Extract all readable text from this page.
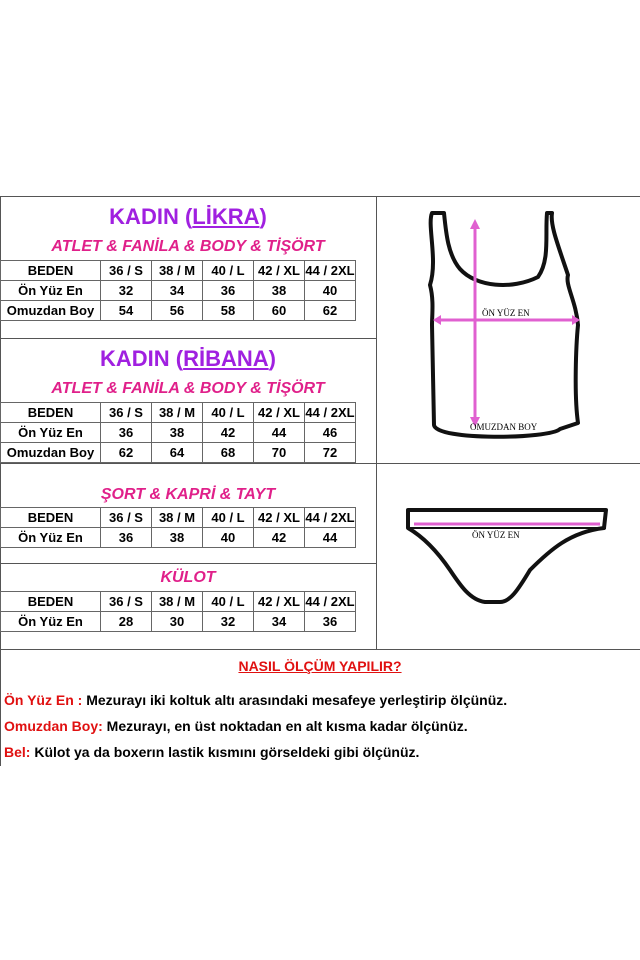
KADIN (LİKRA)
ATLET & FANİLA & BODY & TİŞÖRT
BEDEN	36 / S	38 / M	40 / L	42 / XL	44 / 2XL
Ön Yüz En	32	34	36	38	40
Omuzdan Boy	54	56	58	60	62
KADIN (RİBANA)
ATLET & FANİLA & BODY & TİŞÖRT
BEDEN	36 / S	38 / M	40 / L	42 / XL	44 / 2XL
Ön Yüz En	36	38	42	44	46
Omuzdan Boy	62	64	68	70	72
ŞORT & KAPRİ & TAYT
BEDEN	36 / S	38 / M	40 / L	42 / XL	44 / 2XL
Ön Yüz En	36	38	40	42	44
KÜLOT
BEDEN	36 / S	38 / M	40 / L	42 / XL	44 / 2XL
Ön Yüz En	28	30	32	34	36
ÖN YÜZ EN
OMUZDAN BOY
ÖN YÜZ EN
NASIL ÖLÇÜM YAPILIR?
Ön Yüz En : Mezurayı iki koltuk altı arasındaki mesafeye yerleştirip ölçünüz.
Omuzdan Boy: Mezurayı, en üst noktadan en alt kısma kadar ölçünüz.
Bel: Külot ya da boxerın lastik kısmını görseldeki gibi ölçünüz.
